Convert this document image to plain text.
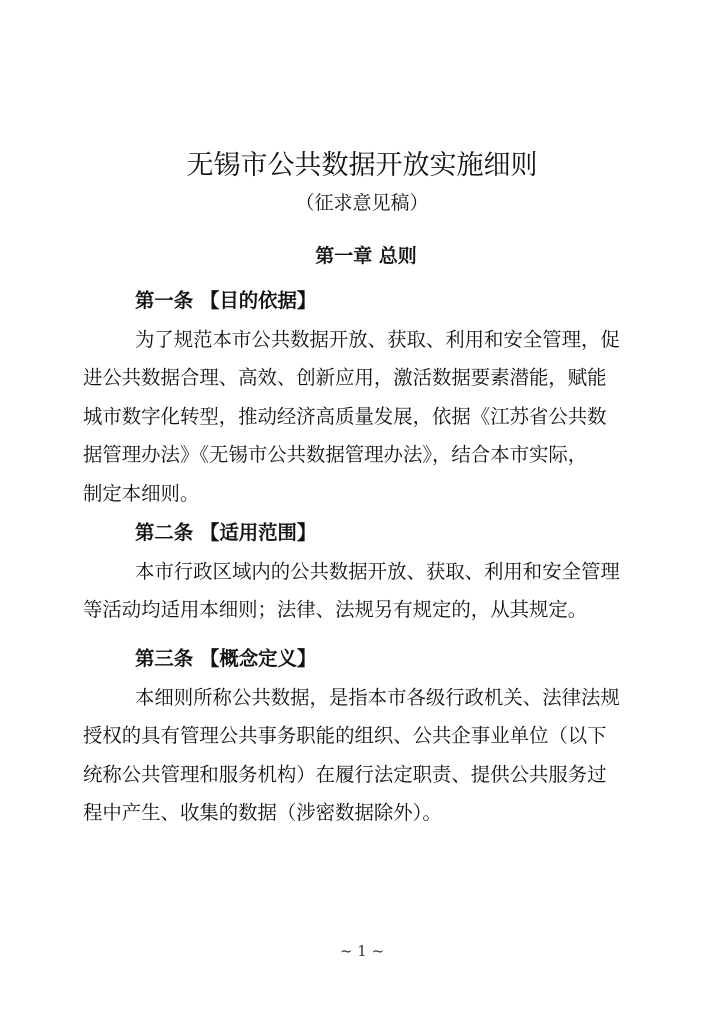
无锡市公共数据开放实施细则
（征求意见稿）
第一章 总则
第一条 【目的依据】
为了规范本市公共数据开放、获取、利用和安全管理，促
进公共数据合理、高效、创新应用，激活数据要素潜能，赋能
城市数字化转型，推动经济高质量发展，依据《江苏省公共数
据管理办法》《无锡市公共数据管理办法》，结合本市实际，
制定本细则。
第二条 【适用范围】
本市行政区域内的公共数据开放、获取、利用和安全管理
等活动均适用本细则；法律、法规另有规定的，从其规定。
第三条 【概念定义】
本细则所称公共数据，是指本市各级行政机关、法律法规
授权的具有管理公共事务职能的组织、公共企事业单位（以下
统称公共管理和服务机构）在履行法定职责、提供公共服务过
程中产生、收集的数据（涉密数据除外）。
~ 1 ~
